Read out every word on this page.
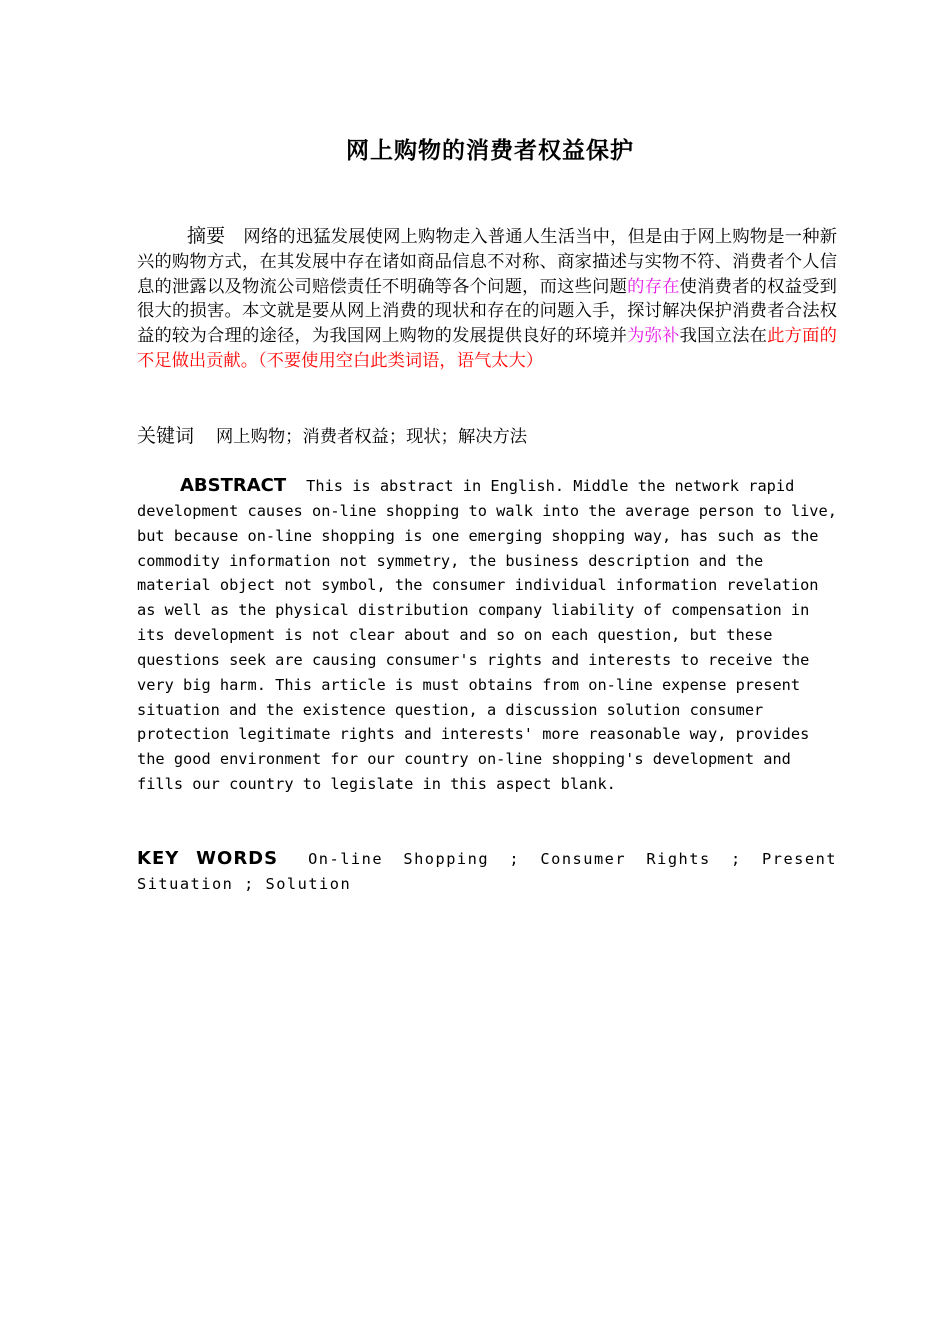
网上购物的消费者权益保护
摘要 网络的迅猛发展使网上购物走入普通人生活当中，但是由于网上购物是一种新兴的购物方式，在其发展中存在诸如商品信息不对称、商家描述与实物不符、消费者个人信息的泄露以及物流公司赔偿责任不明确等各个问题，而这些问题的存在使消费者的权益受到很大的损害。本文就是要从网上消费的现状和存在的问题入手，探讨解决保护消费者合法权益的较为合理的途径，为我国网上购物的发展提供良好的环境并为弥补我国立法在此方面的不足做出贡献。（不要使用空白此类词语，语气太大）
关键词 网上购物；消费者权益；现状；解决方法
ABSTRACT This is abstract in English. Middle the network rapid development causes on-line shopping to walk into the average person to live, but because on-line shopping is one emerging shopping way, has such as the commodity information not symmetry, the business description and the material object not symbol, the consumer individual information revelation as well as the physical distribution company liability of compensation in its development is not clear about and so on each question, but these questions seek are causing consumer's rights and interests to receive the very big harm. This article is must obtains from on-line expense present situation and the existence question, a discussion solution consumer protection legitimate rights and interests' more reasonable way, provides the good environment for our country on-line shopping's development and fills our country to legislate in this aspect blank.
KEY WORDS On-line Shopping ; Consumer Rights ; Present Situation ; Solution
